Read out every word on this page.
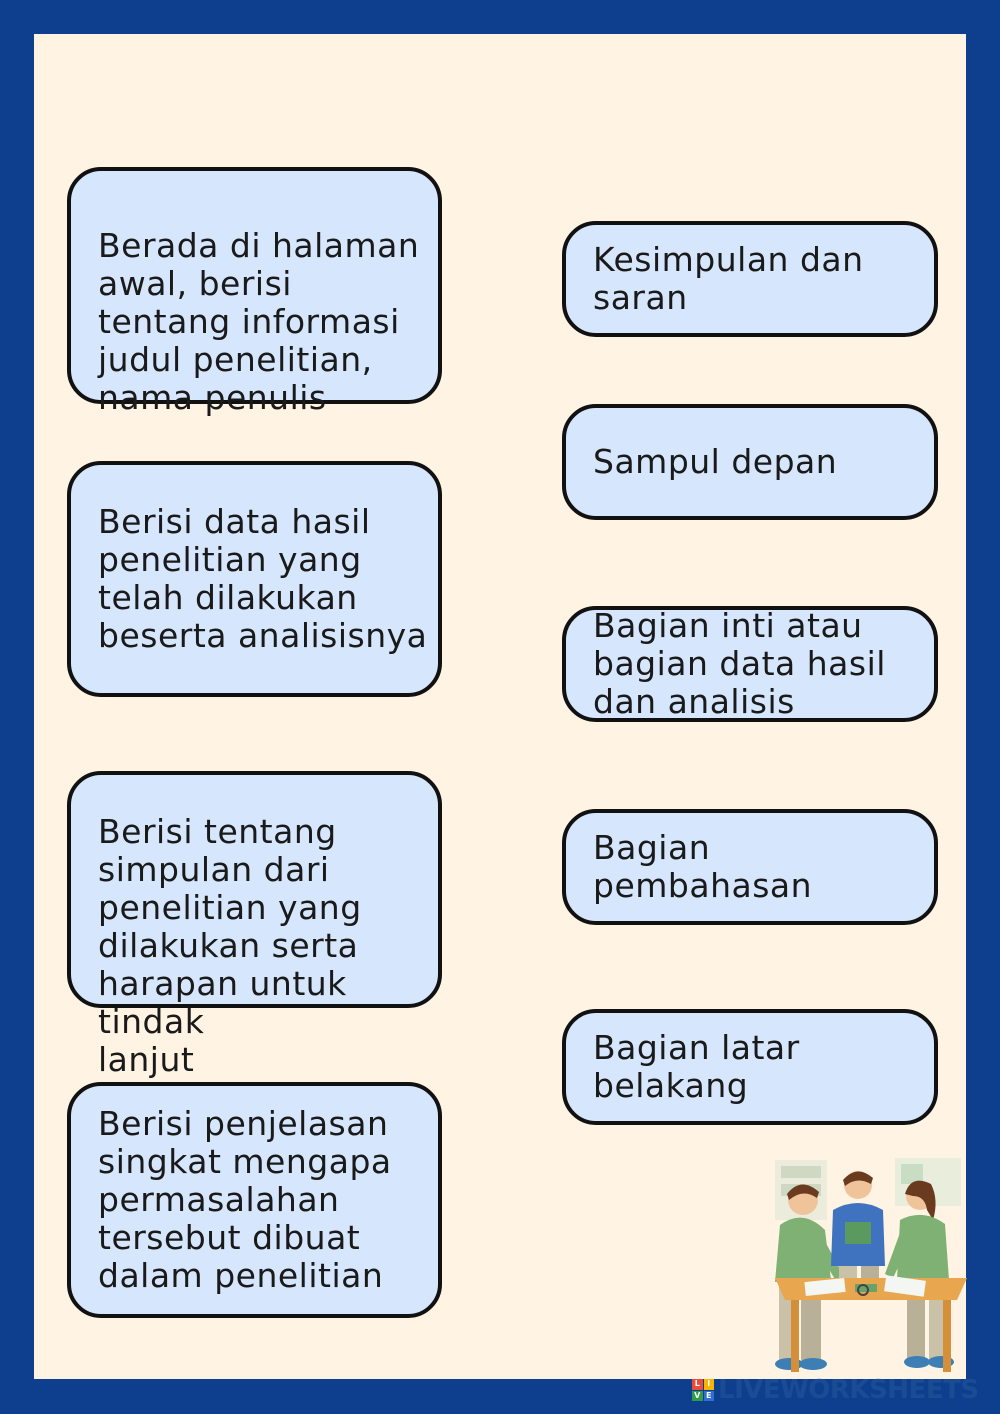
Berada di halaman
awal, berisi
tentang informasi
judul penelitian,
nama penulis

Berisi data hasil
penelitian yang
telah dilakukan
beserta analisisnya

Berisi tentang
simpulan dari
penelitian yang
dilakukan serta
harapan untuk tindak
lanjut

Berisi penjelasan
singkat mengapa
permasalahan
tersebut dibuat
dalam penelitian
Kesimpulan dan
saran
Sampul depan
Bagian inti atau
bagian data hasil
dan analisis
Bagian
pembahasan
Bagian latar
belakang
L I
V E LIVEWORKSHEETS
